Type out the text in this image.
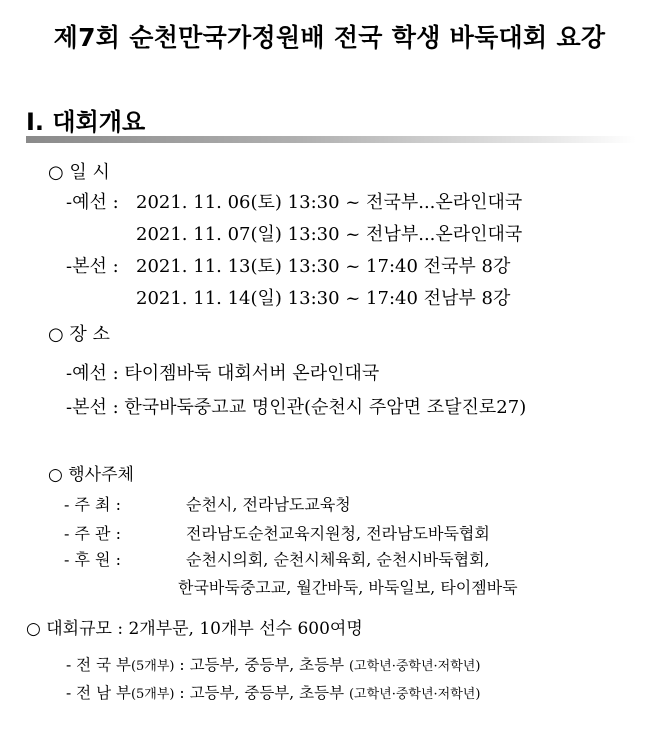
제7회 순천만국가정원배 전국 학생 바둑대회 요강
Ⅰ. 대회개요
○ 일 시
-예선 : 2021. 11. 06(토) 13:30 ~ 전국부...온라인대국
2021. 11. 07(일) 13:30 ~ 전남부...온라인대국
-본선 : 2021. 11. 13(토) 13:30 ~ 17:40 전국부 8강
2021. 11. 14(일) 13:30 ~ 17:40 전남부 8강
○ 장 소
-예선 : 타이젬바둑 대회서버 온라인대국
-본선 : 한국바둑중고교 명인관(순천시 주암면 조달진로27)
○ 행사주체
- 주 최 :	순천시, 전라남도교육청
- 주 관 :	전라남도순천교육지원청, 전라남도바둑협회
- 후 원 :	순천시의회, 순천시체육회, 순천시바둑협회,
한국바둑중고교, 월간바둑, 바둑일보, 타이젬바둑
○ 대회규모 : 2개부문, 10개부 선수 600여명
- 전 국 부(5개부) : 고등부, 중등부, 초등부 (고학년·중학년·저학년)
- 전 남 부(5개부) : 고등부, 중등부, 초등부 (고학년·중학년·저학년)
